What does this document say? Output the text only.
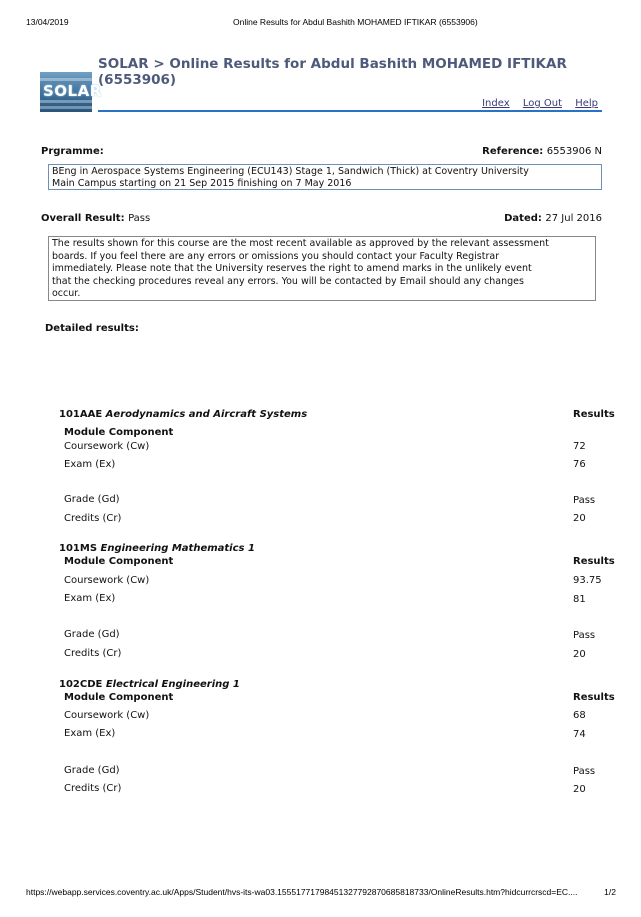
13/04/2019	Online Results for Abdul Bashith MOHAMED IFTIKAR (6553906)
SOLAR
SOLAR > Online Results for Abdul Bashith MOHAMED IFTIKAR
(6553906)
Index Log Out Help
Prgramme:	Reference: 6553906 N
BEng in Aerospace Systems Engineering (ECU143) Stage 1, Sandwich (Thick) at Coventry University
Main Campus starting on 21 Sep 2015 finishing on 7 May 2016
Overall Result: Pass	Dated: 27 Jul 2016
The results shown for this course are the most recent available as approved by the relevant assessment
boards. If you feel there are any errors or omissions you should contact your Faculty Registrar
immediately. Please note that the University reserves the right to amend marks in the unlikely event
that the checking procedures reveal any errors. You will be contacted by Email should any changes
occur.
Detailed results:
101AAE Aerodynamics and Aircraft Systems	Results
Module Component
Coursework (Cw)	72
Exam (Ex)	76
Grade (Gd)	Pass
Credits (Cr)	20
101MS Engineering Mathematics 1
Module Component	Results
Coursework (Cw)	93.75
Exam (Ex)	81
Grade (Gd)	Pass
Credits (Cr)	20
102CDE Electrical Engineering 1
Module Component	Results
Coursework (Cw)	68
Exam (Ex)	74
Grade (Gd)	Pass
Credits (Cr)	20
https://webapp.services.coventry.ac.uk/Apps/Student/hvs-its-wa03.15551771798451327792870685818733/OnlineResults.htm?hidcurrcrscd=EC....	1/2
